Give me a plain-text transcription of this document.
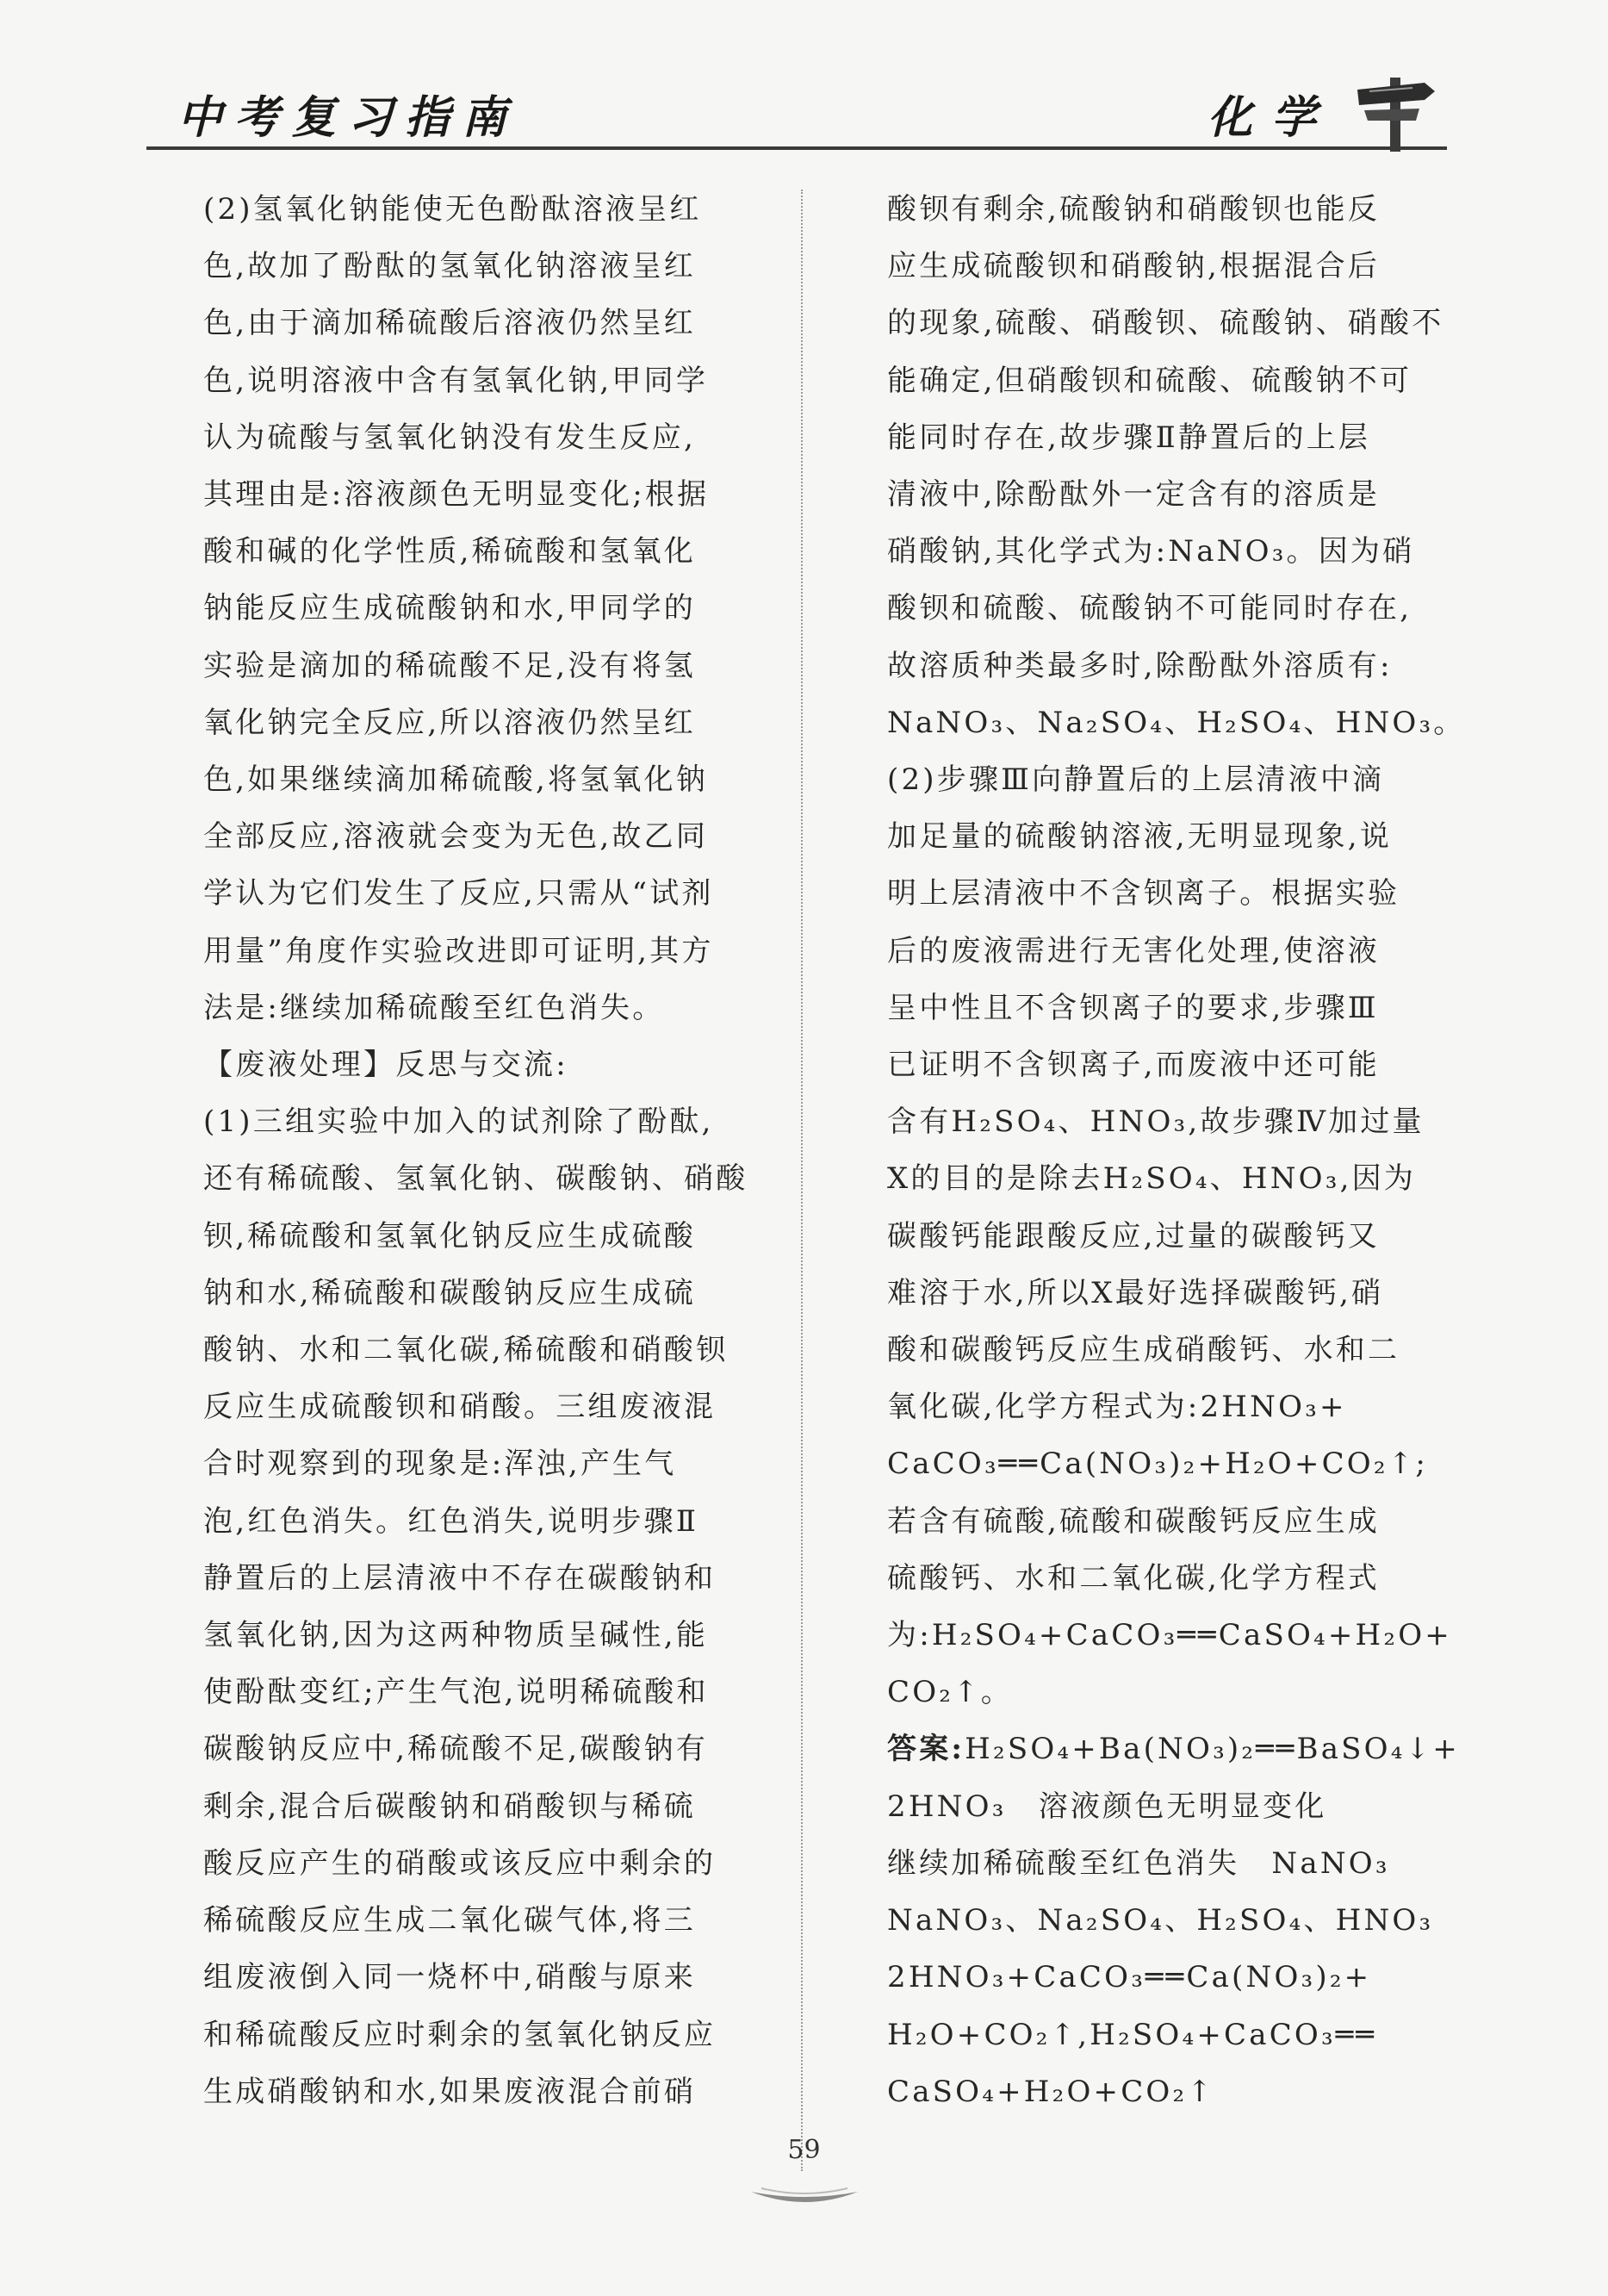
中考复习指南	化学

(2)氢氧化钠能使无色酚酞溶液呈红

色,故加了酚酞的氢氧化钠溶液呈红

色,由于滴加稀硫酸后溶液仍然呈红

色,说明溶液中含有氢氧化钠,甲同学

认为硫酸与氢氧化钠没有发生反应,

其理由是:溶液颜色无明显变化;根据

酸和碱的化学性质,稀硫酸和氢氧化

钠能反应生成硫酸钠和水,甲同学的

实验是滴加的稀硫酸不足,没有将氢

氧化钠完全反应,所以溶液仍然呈红

色,如果继续滴加稀硫酸,将氢氧化钠

全部反应,溶液就会变为无色,故乙同

学认为它们发生了反应,只需从“试剂

用量”角度作实验改进即可证明,其方

法是:继续加稀硫酸至红色消失。

【废液处理】反思与交流:

(1)三组实验中加入的试剂除了酚酞,

还有稀硫酸、氢氧化钠、碳酸钠、硝酸

钡,稀硫酸和氢氧化钠反应生成硫酸

钠和水,稀硫酸和碳酸钠反应生成硫

酸钠、水和二氧化碳,稀硫酸和硝酸钡

反应生成硫酸钡和硝酸。三组废液混

合时观察到的现象是:浑浊,产生气

泡,红色消失。红色消失,说明步骤Ⅱ

静置后的上层清液中不存在碳酸钠和

氢氧化钠,因为这两种物质呈碱性,能

使酚酞变红;产生气泡,说明稀硫酸和

碳酸钠反应中,稀硫酸不足,碳酸钠有

剩余,混合后碳酸钠和硝酸钡与稀硫

酸反应产生的硝酸或该反应中剩余的

稀硫酸反应生成二氧化碳气体,将三

组废液倒入同一烧杯中,硝酸与原来

和稀硫酸反应时剩余的氢氧化钠反应

生成硝酸钠和水,如果废液混合前硝

酸钡有剩余,硫酸钠和硝酸钡也能反

应生成硫酸钡和硝酸钠,根据混合后

的现象,硫酸、硝酸钡、硫酸钠、硝酸不

能确定,但硝酸钡和硫酸、硫酸钠不可

能同时存在,故步骤Ⅱ静置后的上层

清液中,除酚酞外一定含有的溶质是

硝酸钠,其化学式为:NaNO₃。因为硝

酸钡和硫酸、硫酸钠不可能同时存在,

故溶质种类最多时,除酚酞外溶质有:

NaNO₃、Na₂SO₄、H₂SO₄、HNO₃。

(2)步骤Ⅲ向静置后的上层清液中滴

加足量的硫酸钠溶液,无明显现象,说

明上层清液中不含钡离子。根据实验

后的废液需进行无害化处理,使溶液

呈中性且不含钡离子的要求,步骤Ⅲ

已证明不含钡离子,而废液中还可能

含有H₂SO₄、HNO₃,故步骤Ⅳ加过量

X的目的是除去H₂SO₄、HNO₃,因为

碳酸钙能跟酸反应,过量的碳酸钙又

难溶于水,所以X最好选择碳酸钙,硝

酸和碳酸钙反应生成硝酸钙、水和二

氧化碳,化学方程式为:2HNO₃+

CaCO₃══Ca(NO₃)₂+H₂O+CO₂↑;

若含有硫酸,硫酸和碳酸钙反应生成

硫酸钙、水和二氧化碳,化学方程式

为:H₂SO₄+CaCO₃══CaSO₄+H₂O+

CO₂↑。

答案:H₂SO₄+Ba(NO₃)₂══BaSO₄↓+

2HNO₃　溶液颜色无明显变化

继续加稀硫酸至红色消失　NaNO₃

NaNO₃、Na₂SO₄、H₂SO₄、HNO₃

2HNO₃+CaCO₃══Ca(NO₃)₂+

H₂O+CO₂↑,H₂SO₄+CaCO₃══

CaSO₄+H₂O+CO₂↑

59
